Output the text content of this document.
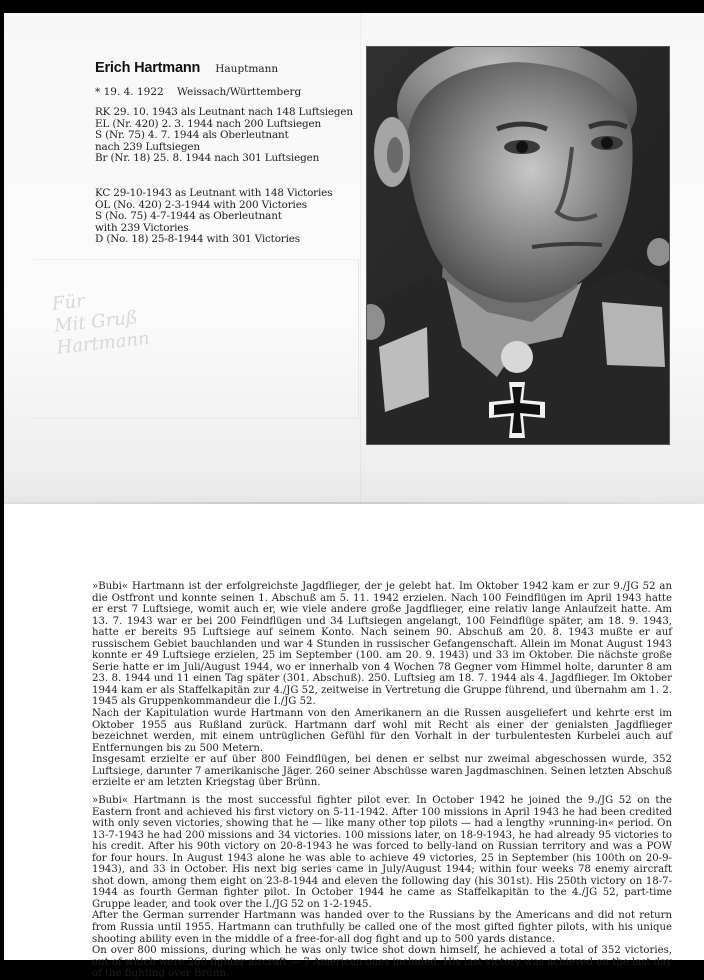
Erich Hartmann Hauptmann
* 19. 4. 1922 Weissach/Württemberg
RK 29. 10. 1943 als Leutnant nach 148 Luftsiegen
EL (Nr. 420) 2. 3. 1944 nach 200 Luftsiegen
S (Nr. 75) 4. 7. 1944 als Oberleutnant
nach 239 Luftsiegen
Br (Nr. 18) 25. 8. 1944 nach 301 Luftsiegen
KC 29-10-1943 as Leutnant with 148 Victories
OL (No. 420) 2-3-1944 with 200 Victories
S (No. 75) 4-7-1944 as Oberleutnant
with 239 Victories
D (No. 18) 25-8-1944 with 301 Victories
Für
Mit Gruß
Hartmann

»Bubi« Hartmann ist der erfolgreichste Jagdflieger, der je gelebt hat. Im Oktober 1942 kam er zur 9./JG 52 an die Ostfront und konnte seinen 1. Abschuß am 5. 11. 1942 erzielen. Nach 100 Feindflügen im April 1943 hatte er erst 7 Luftsiege, womit auch er, wie viele andere große Jagdflieger, eine relativ lange Anlaufzeit hatte. Am 13. 7. 1943 war er bei 200 Feindflügen und 34 Luftsiegen angelangt, 100 Feindflüge später, am 18. 9. 1943, hatte er bereits 95 Luftsiege auf seinem Konto. Nach seinem 90. Abschuß am 20. 8. 1943 mußte er auf russischem Gebiet bauchlanden und war 4 Stunden in russischer Gefangenschaft. Allein im Monat August 1943 konnte er 49 Luftsiege erzielen, 25 im September (100. am 20. 9. 1943) und 33 im Oktober. Die nächste große Serie hatte er im Juli/August 1944, wo er innerhalb von 4 Wochen 78 Gegner vom Himmel holte, darunter 8 am 23. 8. 1944 und 11 einen Tag später (301. Abschuß). 250. Luftsieg am 18. 7. 1944 als 4. Jagdflieger. Im Oktober 1944 kam er als Staffelkapitän zur 4./JG 52, zeitweise in Vertretung die Gruppe führend, und übernahm am 1. 2. 1945 als Gruppenkommandeur die I./JG 52.

Nach der Kapitulation wurde Hartmann von den Amerikanern an die Russen ausgeliefert und kehrte erst im Oktober 1955 aus Rußland zurück. Hartmann darf wohl mit Recht als einer der genialsten Jagdflieger bezeichnet werden, mit einem untrüglichen Gefühl für den Vorhalt in der turbulentesten Kurbelei auch auf Entfernungen bis zu 500 Metern.

Insgesamt erzielte er auf über 800 Feindflügen, bei denen er selbst nur zweimal abgeschossen wurde, 352 Luftsiege, darunter 7 amerikanische Jäger. 260 seiner Abschüsse waren Jagdmaschinen. Seinen letzten Abschuß erzielte er am letzten Kriegstag über Brünn.

»Bubi« Hartmann is the most successful fighter pilot ever. In October 1942 he joined the 9./JG 52 on the Eastern front and achieved his first victory on 5-11-1942. After 100 missions in April 1943 he had been credited with only seven victories, showing that he — like many other top pilots — had a lengthy »running-in« period. On 13-7-1943 he had 200 missions and 34 victories. 100 missions later, on 18-9-1943, he had already 95 victories to his credit. After his 90th victory on 20-8-1943 he was forced to belly-land on Russian territory and was a POW for four hours. In August 1943 alone he was able to achieve 49 victories, 25 in September (his 100th on 20-9-1943), and 33 in October. His next big series came in July/August 1944; within four weeks 78 enemy aircraft shot down, among them eight on 23-8-1944 and eleven the following day (his 301st). His 250th victory on 18-7-1944 as fourth German fighter pilot. In October 1944 he came as Staffelkapitän to the 4./JG 52, part-time Gruppe leader, and took over the I./JG 52 on 1-2-1945.

After the German surrender Hartmann was handed over to the Russians by the Americans and did not return from Russia until 1955. Hartmann can truthfully be called one of the most gifted fighter pilots, with his unique shooting ability even in the middle of a free-for-all dog fight and up to 500 yards distance.

On over 800 missions, during which he was only twice shot down himself, he achieved a total of 352 victories, out of which were 260 fighter aircraft — 7 American ones included. His last victory was achieved on the last day of the fighting over Brünn.
